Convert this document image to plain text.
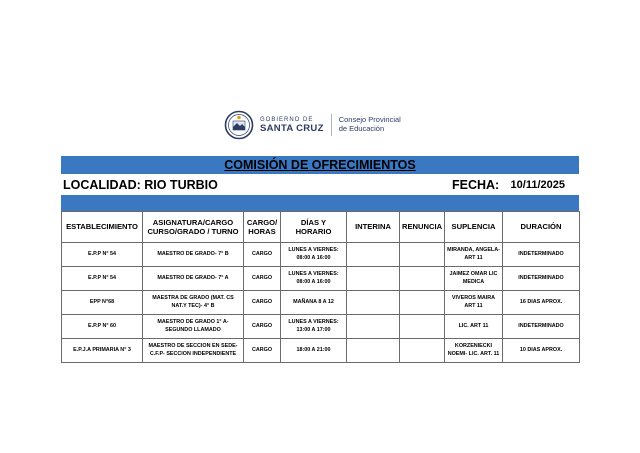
GOBIERNO DE
SANTA CRUZ
Consejo Provincial
de Educación
COMISIÓN DE OFRECIMIENTOS
LOCALIDAD: RIO TURBIO	FECHA: 10/11/2025
ESTABLECIMIENTO	ASIGNATURA/CARGO CURSO/GRADO / TURNO	CARGO/ HORAS	DÍAS Y HORARIO	INTERINA	RENUNCIA	SUPLENCIA	DURACIÓN
E.P.P N° 54	MAESTRO DE GRADO- 7° B	CARGO	LUNES A VIERNES: 08:00 A 16:00			MIRANDA, ANGELA- ART 11	INDETERMINADO
E.P.P N° 54	MAESTRO DE GRADO- 7° A	CARGO	LUNES A VIERNES: 08:00 A 16:00			JAIMEZ OMAR LIC MEDICA	INDETERMINADO
EPP N°68	MAESTRA DE GRADO (MAT. CS NAT.Y TEC)- 4° B	CARGO	MAÑANA 8 A 12			VIVEROS MAIRA ART 11	16 DIAS APROX.
E.P.P N° 60	MAESTRO DE GRADO 1° A-SEGUNDO LLAMADO	CARGO	LUNES A VIERNES: 13:00 A 17:00			LIC. ART 11	INDETERMINADO
E.P.J.A PRIMARIA N° 3	MAESTRO DE SECCION EN SEDE- C.F.P- SECCION INDEPENDIENTE	CARGO	18:00 A 21:00			KORZENIECKI NOEMI- LIC. ART. 11	10 DIAS APROX.
